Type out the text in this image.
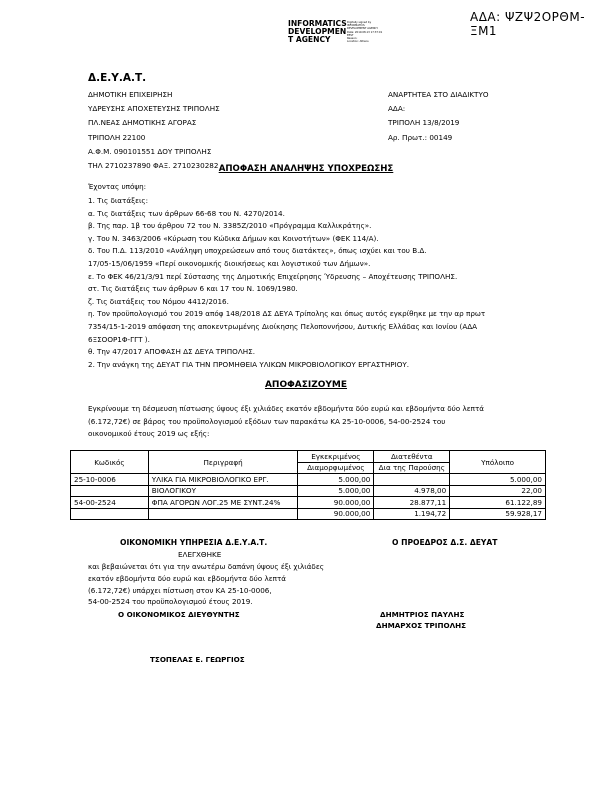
ΑΔΑ: ΨΖΨ2ΟΡΘΜ-ΞΜ1
INFORMATICS
DEVELOPMEN
T AGENCY
Digitally signed by
INFORMATICS
DEVELOPMENT AGENCY
Date: 2019.08.13 17:37:01
EEST
Reason:
Location: Athens
Δ.Ε.Υ.Α.Τ.
ΔΗΜΟΤΙΚΗ ΕΠΙΧΕΙΡΗΣΗ
ΥΔΡΕΥΣΗΣ ΑΠΟΧΕΤΕΥΣΗΣ ΤΡΙΠΟΛΗΣ
ΠΛ.ΝΕΑΣ ΔΗΜΟΤΙΚΗΣ ΑΓΟΡΑΣ
ΤΡΙΠΟΛΗ 22100
Α.Φ.Μ. 090101551 ΔΟΥ ΤΡΙΠΟΛΗΣ
ΤΗΛ 2710237890 ΦΑΞ. 2710230282
ΑΝΑΡΤΗΤΕΑ ΣΤΟ ΔΙΑΔΙΚΤΥΟ
ΑΔΑ:
ΤΡΙΠΟΛΗ 13/8/2019
Αρ. Πρωτ.: 00149
ΑΠΟΦΑΣΗ ΑΝΑΛΗΨΗΣ ΥΠΟΧΡΕΩΣΗΣ
Έχοντας υπόψη:
1. Τις διατάξεις:
α. Τις διατάξεις των άρθρων 66-68 του Ν. 4270/2014.
β. Της παρ. 1β του άρθρου 72 του Ν. 3385Ζ/2010 «Πρόγραμμα Καλλικράτης».
γ. Του Ν. 3463/2006 «Κύρωση του Κώδικα Δήμων και Κοινοτήτων» (ΦΕΚ 114/Α).
δ. Του Π.Δ. 113/2010 «Ανάληψη υποχρεώσεων από τους διατάκτες», όπως ισχύει και του Β.Δ.
17/05-15/06/1959 «Περί οικονομικής διοικήσεως και λογιστικού των Δήμων».
ε. Το ΦΕΚ 46/21/3/91 περί Σύστασης της Δημοτικής Επιχείρησης Ύδρευσης – Αποχέτευσης ΤΡΙΠΟΛΗΣ.
στ. Τις διατάξεις των άρθρων 6 και 17 του Ν. 1069/1980.
ζ. Τις διατάξεις του Νόμου 4412/2016.
η. Τον προϋπολογισμό του 2019 απόφ 148/2018 ΔΣ ΔΕΥΑ Τρίπολης και όπως αυτός εγκρίθηκε με την αρ πρωτ
7354/15-1-2019 απόφαση της αποκεντρωμένης Διοίκησης Πελοποννήσου, Δυτικής Ελλάδας και Ιονίου (ΑΔΑ
6ΞΣΟΟΡ1Φ-ΓΓΤ ).
θ. Την 47/2017 ΑΠΟΦΑΣΗ ΔΣ ΔΕΥΑ ΤΡΙΠΟΛΗΣ.
2. Την ανάγκη της ΔΕΥΑΤ ΓΙΑ ΤΗΝ ΠΡΟΜΗΘΕΙΑ ΥΛΙΚΩΝ ΜΙΚΡΟΒΙΟΛΟΓΙΚΟΥ ΕΡΓΑΣΤΗΡΙΟΥ.
ΑΠΟΦΑΣΙΖΟΥΜΕ
Εγκρίνουμε τη δέσμευση πίστωσης ύψους έξι χιλιάδες εκατόν εβδομήντα δύο ευρώ και εβδομήντα δύο λεπτά
(6.172,72€) σε βάρος του προϋπολογισμού εξόδων των παρακάτω ΚΑ 25-10-0006, 54-00-2524 του
οικονομικού έτους 2019 ως εξής:
Κωδικός	Περιγραφή	Εγκεκριμένος	Διατεθέντα	Υπόλοιπο
		Διαμορφωμένος	Δια της Παρούσης	
25-10-0006	ΥΛΙΚΑ ΓΙΑ ΜΙΚΡΟΒΙΟΛΟΓΙΚΟ ΕΡΓ.	5.000,00		5.000,00
	ΒΙΟΛΟΓΙΚΟΥ	5.000,00	4.978,00	22,00
54-00-2524	ΦΠΑ ΑΓΟΡΩΝ ΛΟΓ.25 ΜΕ ΣΥΝΤ.24%	90.000,00	28.877,11	61.122,89
		90.000,00	1.194,72	59.928,17
ΟΙΚΟΝΟΜΙΚΗ ΥΠΗΡΕΣΙΑ Δ.Ε.Υ.Α.Τ.
ΕΛΕΓΧΘΗΚΕ
και βεβαιώνεται ότι για την ανωτέρω δαπάνη ύψους έξι χιλιάδες
εκατόν εβδομήντα δύο ευρώ και εβδομήντα δύο λεπτά
(6.172,72€) υπάρχει πίστωση στον ΚΑ 25-10-0006,
54-00-2524 του προϋπολογισμού έτους 2019.
Ο ΟΙΚΟΝΟΜΙΚΟΣ ΔΙΕΥΘΥΝΤΗΣ
ΤΣΟΠΕΛΑΣ Ε. ΓΕΩΡΓΙΟΣ
Ο ΠΡΟΕΔΡΟΣ Δ.Σ. ΔΕΥΑΤ
ΔΗΜΗΤΡΙΟΣ ΠΑΥΛΗΣ
ΔΗΜΑΡΧΟΣ ΤΡΙΠΟΛΗΣ
